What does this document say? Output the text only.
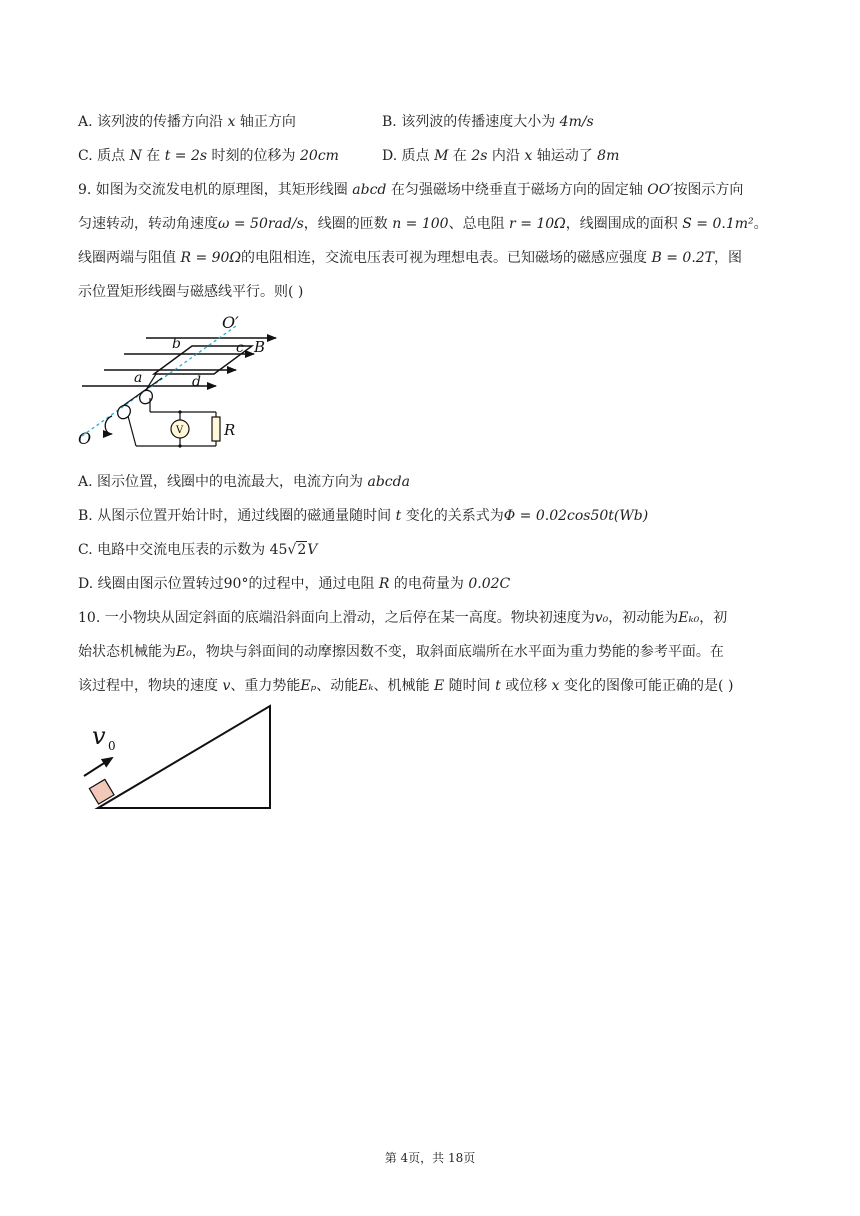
A. 该列波的传播方向沿 x 轴正方向	B. 该列波的传播速度大小为 4m/s
C. 质点 N 在 t = 2s 时刻的位移为 20cm	D. 质点 M 在 2s 内沿 x 轴运动了 8m
9. 如图为交流发电机的原理图，其矩形线圈 abcd 在匀强磁场中绕垂直于磁场方向的固定轴 OO′按图示方向
匀速转动，转动角速度ω = 50rad/s，线圈的匝数 n = 100、总电阻 r = 10Ω，线圈围成的面积 S = 0.1m²。
线圈两端与阻值 R = 90Ω的电阻相连，交流电压表可视为理想电表。已知磁场的磁感应强度 B = 0.2T，图
示位置矩形线圈与磁感线平行。则( )
O′
b	c B
a	d
V	R
O
A. 图示位置，线圈中的电流最大，电流方向为 abcda
B. 从图示位置开始计时，通过线圈的磁通量随时间 t 变化的关系式为Φ = 0.02cos50t(Wb)
C. 电路中交流电压表的示数为 45√2V
D. 线圈由图示位置转过90°的过程中，通过电阻 R 的电荷量为 0.02C
10. 一小物块从固定斜面的底端沿斜面向上滑动，之后停在某一高度。物块初速度为v₀，初动能为Eₖ₀，初
始状态机械能为E₀，物块与斜面间的动摩擦因数不变，取斜面底端所在水平面为重力势能的参考平面。在
该过程中，物块的速度 v、重力势能Eₚ、动能Eₖ、机械能 E 随时间 t 或位移 x 变化的图像可能正确的是( )
v 0
第 4页，共 18页
